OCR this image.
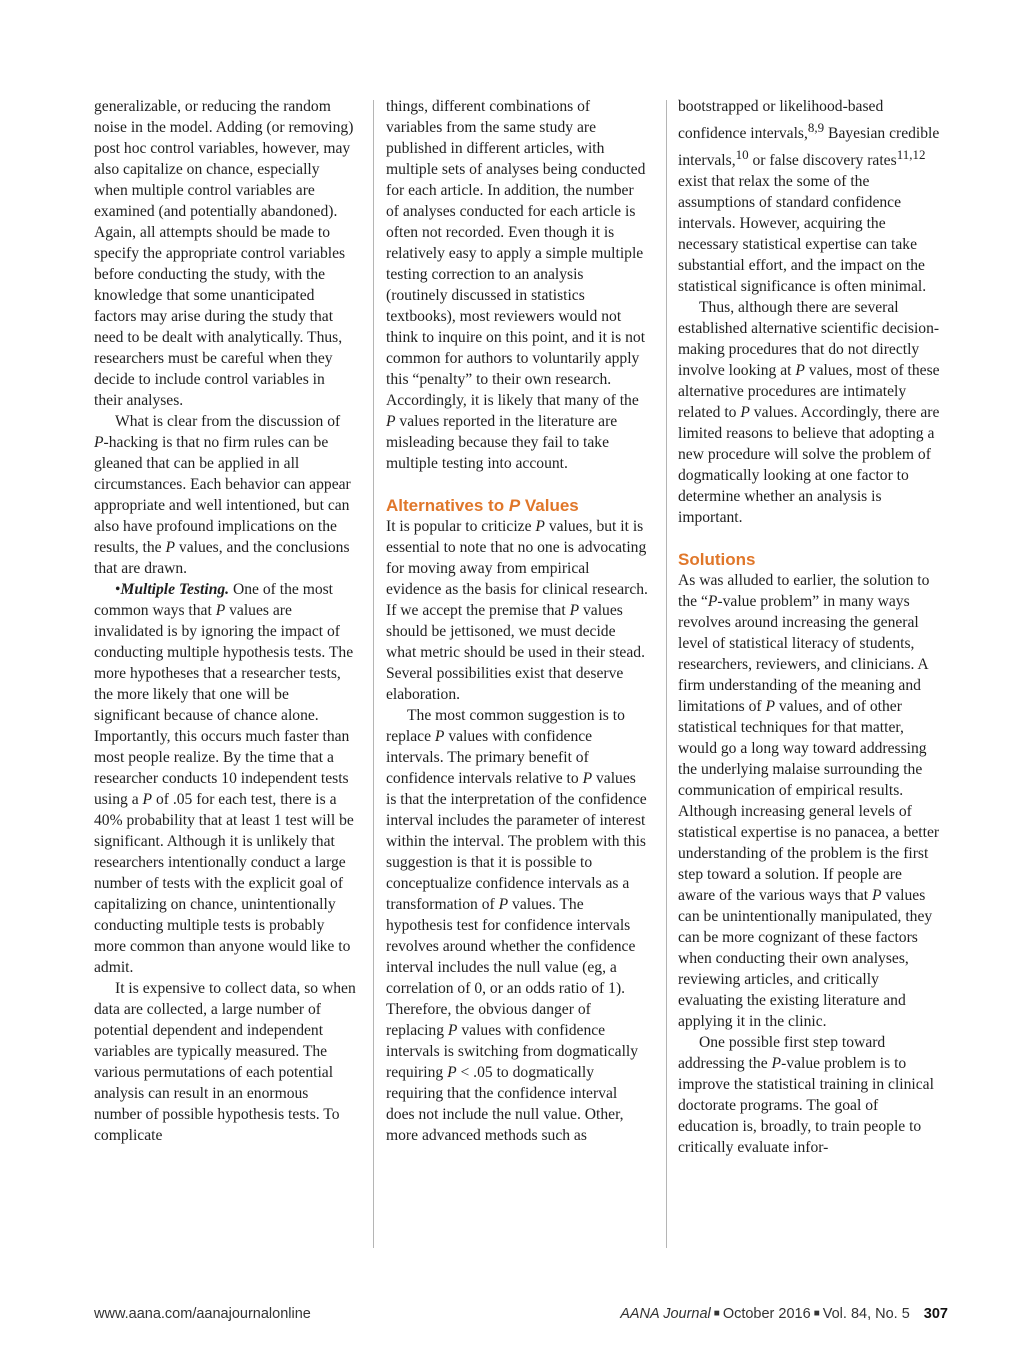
generalizable, or reducing the random noise in the model. Adding (or removing) post hoc control variables, however, may also capitalize on chance, especially when multiple control variables are examined (and potentially abandoned). Again, all attempts should be made to specify the appropriate control variables before conducting the study, with the knowledge that some unanticipated factors may arise during the study that need to be dealt with analytically. Thus, researchers must be careful when they decide to include control variables in their analyses.

What is clear from the discussion of P-hacking is that no firm rules can be gleaned that can be applied in all circumstances. Each behavior can appear appropriate and well intentioned, but can also have profound implications on the results, the P values, and the conclusions that are drawn.

•Multiple Testing. One of the most common ways that P values are invalidated is by ignoring the impact of conducting multiple hypothesis tests. The more hypotheses that a researcher tests, the more likely that one will be significant because of chance alone. Importantly, this occurs much faster than most people realize. By the time that a researcher conducts 10 independent tests using a P of .05 for each test, there is a 40% probability that at least 1 test will be significant. Although it is unlikely that researchers intentionally conduct a large number of tests with the explicit goal of capitalizing on chance, unintentionally conducting multiple tests is probably more common than anyone would like to admit.

It is expensive to collect data, so when data are collected, a large number of potential dependent and independent variables are typically measured. The various permutations of each potential analysis can result in an enormous number of possible hypothesis tests. To complicate

things, different combinations of variables from the same study are published in different articles, with multiple sets of analyses being conducted for each article. In addition, the number of analyses conducted for each article is often not recorded. Even though it is relatively easy to apply a simple multiple testing correction to an analysis (routinely discussed in statistics textbooks), most reviewers would not think to inquire on this point, and it is not common for authors to voluntarily apply this “penalty” to their own research. Accordingly, it is likely that many of the P values reported in the literature are misleading because they fail to take multiple testing into account.

Alternatives to P Values

It is popular to criticize P values, but it is essential to note that no one is advocating for moving away from empirical evidence as the basis for clinical research. If we accept the premise that P values should be jettisoned, we must decide what metric should be used in their stead. Several possibilities exist that deserve elaboration.

The most common suggestion is to replace P values with confidence intervals. The primary benefit of confidence intervals relative to P values is that the interpretation of the confidence interval includes the parameter of interest within the interval. The problem with this suggestion is that it is possible to conceptualize confidence intervals as a transformation of P values. The hypothesis test for confidence intervals revolves around whether the confidence interval includes the null value (eg, a correlation of 0, or an odds ratio of 1). Therefore, the obvious danger of replacing P values with confidence intervals is switching from dogmatically requiring P < .05 to dogmatically requiring that the confidence interval does not include the null value. Other, more advanced methods such as

bootstrapped or likelihood-based confidence intervals,$^{8,9}$ Bayesian credible intervals,$^{10}$ or false discovery rates$^{11,12}$ exist that relax the some of the assumptions of standard confidence intervals. However, acquiring the necessary statistical expertise can take substantial effort, and the impact on the statistical significance is often minimal.

Thus, although there are several established alternative scientific decision-making procedures that do not directly involve looking at P values, most of these alternative procedures are intimately related to P values. Accordingly, there are limited reasons to believe that adopting a new procedure will solve the problem of dogmatically looking at one factor to determine whether an analysis is important.

Solutions

As was alluded to earlier, the solution to the “P-value problem” in many ways revolves around increasing the general level of statistical literacy of students, researchers, reviewers, and clinicians. A firm understanding of the meaning and limitations of P values, and of other statistical techniques for that matter, would go a long way toward addressing the underlying malaise surrounding the communication of empirical results. Although increasing general levels of statistical expertise is no panacea, a better understanding of the problem is the first step toward a solution. If people are aware of the various ways that P values can be unintentionally manipulated, they can be more cognizant of these factors when conducting their own analyses, reviewing articles, and critically evaluating the existing literature and applying it in the clinic.

One possible first step toward addressing the P-value problem is to improve the statistical training in clinical doctorate programs. The goal of education is, broadly, to train people to critically evaluate infor-

www.aana.com/aanajournalonline	AANA Journal ■ October 2016 ■ Vol. 84, No. 5 307
